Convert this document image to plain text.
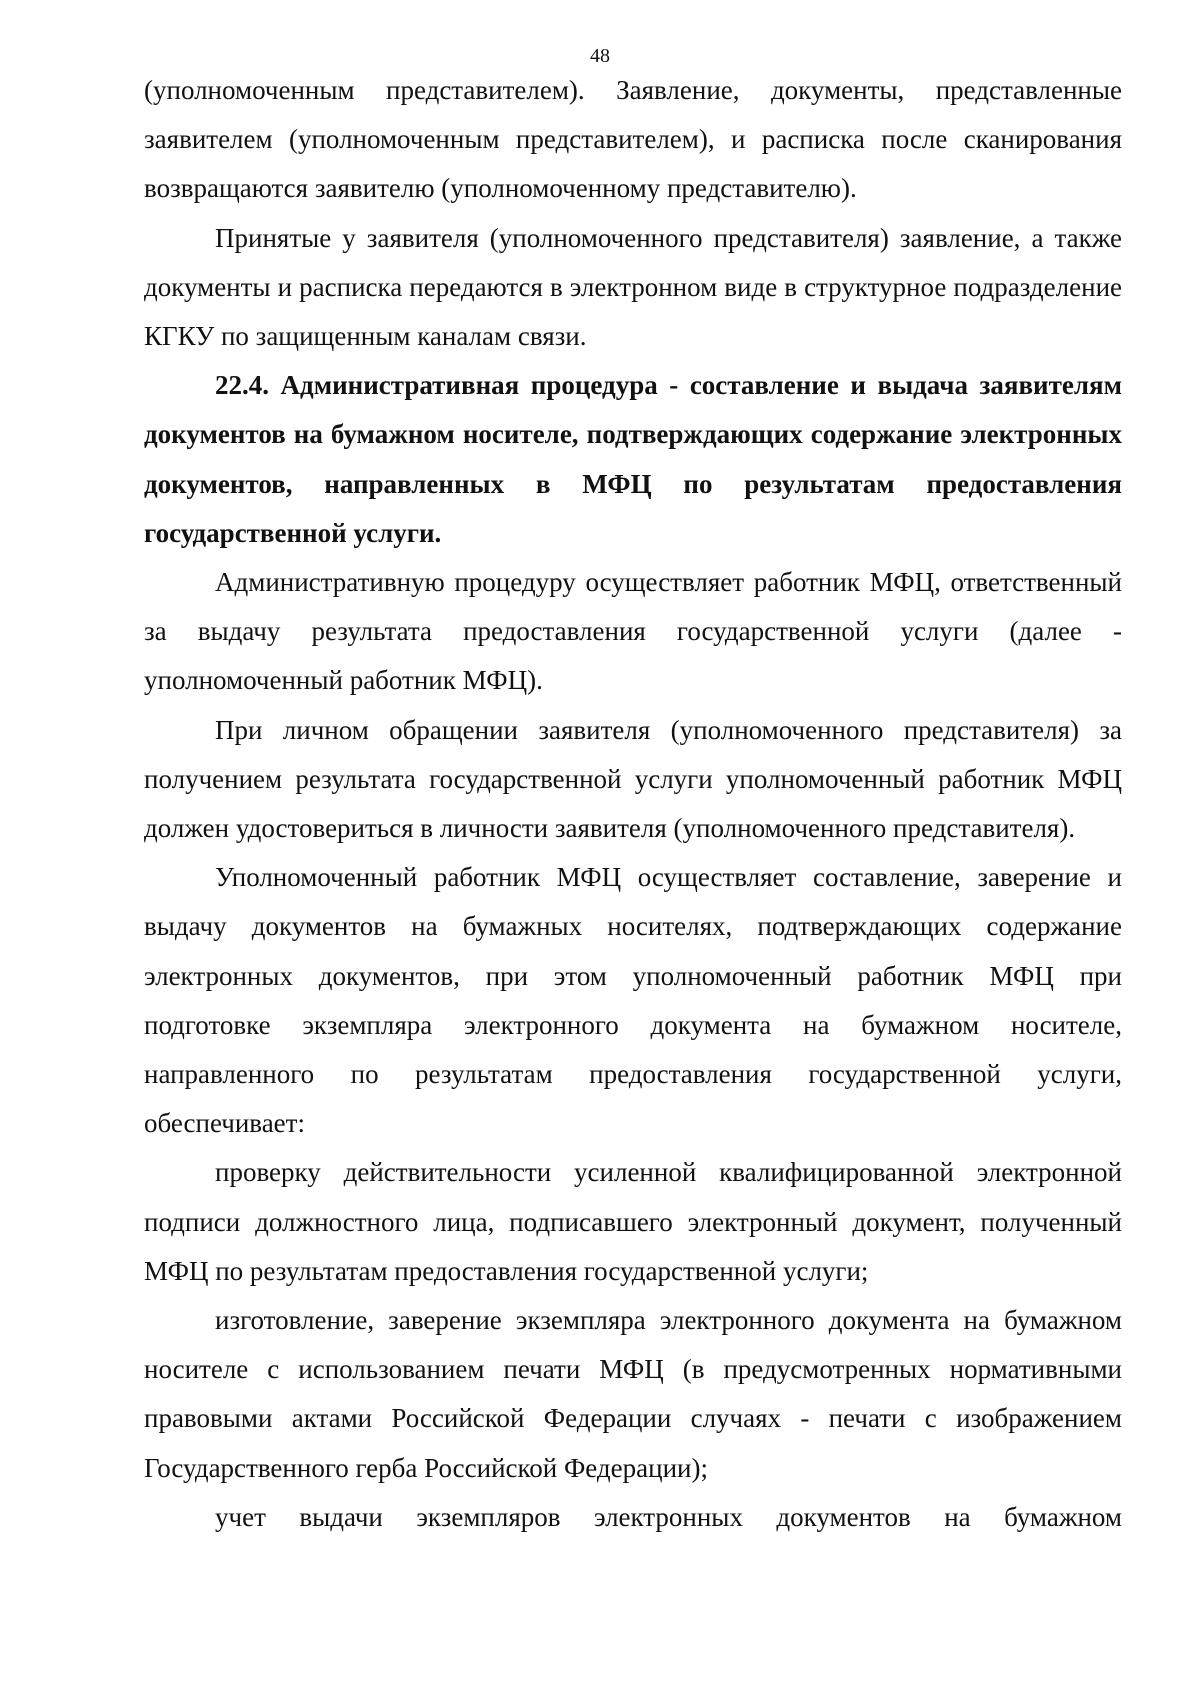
48

(уполномоченным представителем). Заявление, документы, представленные заявителем (уполномоченным представителем), и расписка после сканирования возвращаются заявителю (уполномоченному представителю).

Принятые у заявителя (уполномоченного представителя) заявление, а также документы и расписка передаются в электронном виде в структурное подразделение КГКУ по защищенным каналам связи.

22.4. Административная процедура - составление и выдача заявителям документов на бумажном носителе, подтверждающих содержание электронных документов, направленных в МФЦ по результатам предоставления государственной услуги.

Административную процедуру осуществляет работник МФЦ, ответственный за выдачу результата предоставления государственной услуги (далее - уполномоченный работник МФЦ).

При личном обращении заявителя (уполномоченного представителя) за получением результата государственной услуги уполномоченный работник МФЦ должен удостовериться в личности заявителя (уполномоченного представителя).

Уполномоченный работник МФЦ осуществляет составление, заверение и выдачу документов на бумажных носителях, подтверждающих содержание электронных документов, при этом уполномоченный работник МФЦ при подготовке экземпляра электронного документа на бумажном носителе, направленного по результатам предоставления государственной услуги, обеспечивает:

проверку действительности усиленной квалифицированной электронной подписи должностного лица, подписавшего электронный документ, полученный МФЦ по результатам предоставления государственной услуги;

изготовление, заверение экземпляра электронного документа на бумажном носителе с использованием печати МФЦ (в предусмотренных нормативными правовыми актами Российской Федерации случаях - печати с изображением Государственного герба Российской Федерации);

учет выдачи экземпляров электронных документов на бумажном
